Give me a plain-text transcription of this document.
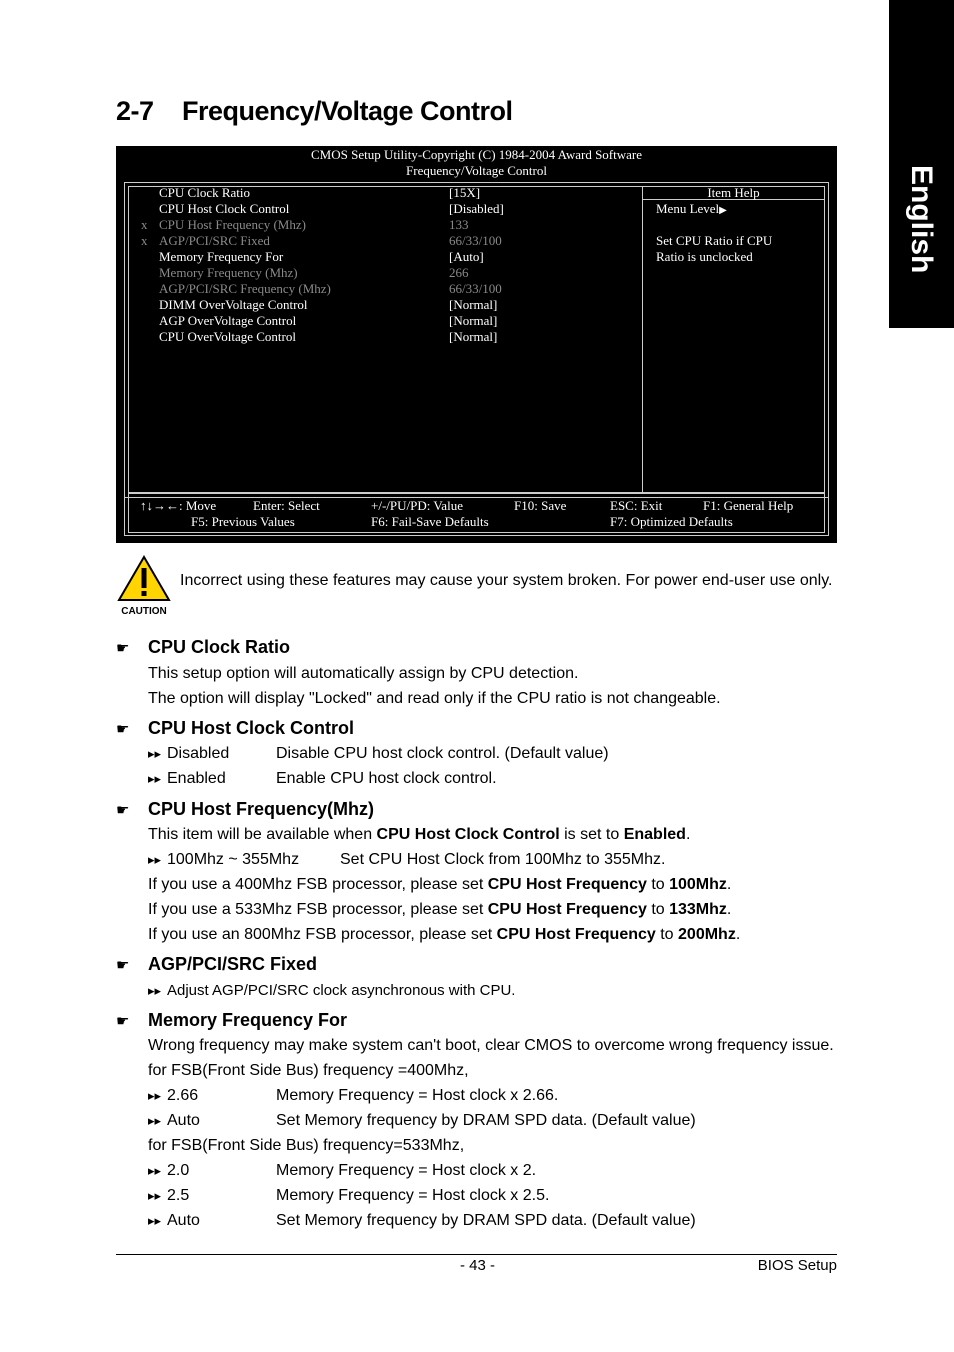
English
2-7 Frequency/Voltage Control
CMOS Setup Utility-Copyright (C) 1984-2004 Award Software
Frequency/Voltage Control
Item Help
CPU Clock Ratio	[15X]
CPU Host Clock Control	[Disabled]
x CPU Host Frequency (Mhz)	133
x AGP/PCI/SRC Fixed	66/33/100
Memory Frequency For	[Auto]
Memory Frequency (Mhz)	266
AGP/PCI/SRC Frequency (Mhz)	66/33/100
DIMM OverVoltage Control	[Normal]
AGP OverVoltage Control	[Normal]
CPU OverVoltage Control	[Normal]
Menu Level▶
Set CPU Ratio if CPU
Ratio is unclocked
↑↓→←: Move	Enter: Select	+/-/PU/PD: Value	F10: Save	ESC: Exit	F1: General Help
F5: Previous Values	F6: Fail-Save Defaults	F7: Optimized Defaults
CAUTION
Incorrect using these features may cause your system broken. For power end-user use only.
☛ CPU Clock Ratio
This setup option will automatically assign by CPU detection.
The option will display "Locked" and read only if the CPU ratio is not changeable.
☛ CPU Host Clock Control
▸▸ Disabled	Disable CPU host clock control. (Default value)
▸▸ Enabled	Enable CPU host clock control.
☛ CPU Host Frequency(Mhz)
This item will be available when CPU Host Clock Control is set to Enabled.
▸▸ 100Mhz ~ 355Mhz	Set CPU Host Clock from 100Mhz to 355Mhz.
If you use a 400Mhz FSB processor, please set CPU Host Frequency to 100Mhz.
If you use a 533Mhz FSB processor, please set CPU Host Frequency to 133Mhz.
If you use an 800Mhz FSB processor, please set CPU Host Frequency to 200Mhz.
☛ AGP/PCI/SRC Fixed
▸▸ Adjust AGP/PCI/SRC clock asynchronous with CPU.
☛ Memory Frequency For
Wrong frequency may make system can't boot, clear CMOS to overcome wrong frequency issue.
for FSB(Front Side Bus) frequency =400Mhz,
▸▸ 2.66	Memory Frequency = Host clock x 2.66.
▸▸ Auto	Set Memory frequency by DRAM SPD data. (Default value)
for FSB(Front Side Bus) frequency=533Mhz,
▸▸ 2.0	Memory Frequency = Host clock x 2.
▸▸ 2.5	Memory Frequency = Host clock x 2.5.
▸▸ Auto	Set Memory frequency by DRAM SPD data. (Default value)
- 43 -	BIOS Setup
